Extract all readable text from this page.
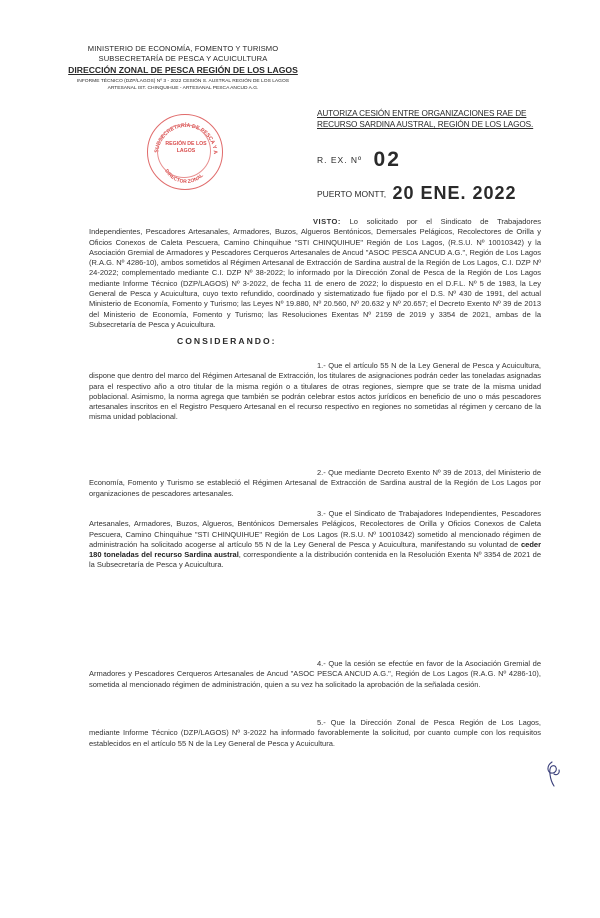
MINISTERIO DE ECONOMÍA, FOMENTO Y TURISMO
SUBSECRETARÍA DE PESCA Y ACUICULTURA
DIRECCIÓN ZONAL DE PESCA REGIÓN DE LOS LAGOS
INFORME TÉCNICO (DZP/LAGOS) Nº 3 - 2022 CESIÓN S. AUSTRAL REGIÓN DE LOS LAGOS
ARTESANAL IST. CHINQUIHUE - ARTESANAL PESCA ANCUD A.G.
SUBSECRETARÍA DE PESCA Y A
DIRECTOR ZONAL
REGIÓN DE LOS LAGOS
AUTORIZA CESIÓN ENTRE ORGANIZACIONES RAE DE RECURSO SARDINA AUSTRAL, REGIÓN DE LOS LAGOS.
R. EX. Nº 02
PUERTO MONTT, 20 ENE. 2022
VISTO: Lo solicitado por el Sindicato de Trabajadores Independientes, Pescadores Artesanales, Armadores, Buzos, Algueros Bentónicos, Demersales Pelágicos, Recolectores de Orilla y Oficios Conexos de Caleta Pescuera, Camino Chinquihue "STI CHINQUIHUE" Región de Los Lagos, (R.S.U. Nº 10010342) y la Asociación Gremial de Armadores y Pescadores Cerqueros Artesanales de Ancud "ASOC PESCA ANCUD A.G.", Región de Los Lagos (R.A.G. Nº 4286-10), ambos sometidos al Régimen Artesanal de Extracción de Sardina austral de la Región de Los Lagos, C.I. DZP Nº 24-2022; complementado mediante C.I. DZP Nº 38-2022; lo informado por la Dirección Zonal de Pesca de la Región de Los Lagos mediante Informe Técnico (DZP/LAGOS) Nº 3-2022, de fecha 11 de enero de 2022; lo dispuesto en el D.F.L. Nº 5 de 1983, la Ley General de Pesca y Acuicultura, cuyo texto refundido, coordinado y sistematizado fue fijado por el D.S. Nº 430 de 1991, del actual Ministerio de Economía, Fomento y Turismo; las Leyes Nº 19.880, Nº 20.560, Nº 20.632 y Nº 20.657; el Decreto Exento Nº 39 de 2013 del Ministerio de Economía, Fomento y Turismo; las Resoluciones Exentas Nº 2159 de 2019 y 3354 de 2021, ambas de la Subsecretaría de Pesca y Acuicultura.
CONSIDERANDO:
1.- Que el artículo 55 N de la Ley General de Pesca y Acuicultura, dispone que dentro del marco del Régimen Artesanal de Extracción, los titulares de asignaciones podrán ceder las toneladas asignadas para el respectivo año a otro titular de la misma región o a titulares de otras regiones, siempre que se trate de la misma unidad poblacional. Asimismo, la norma agrega que también se podrán celebrar estos actos jurídicos en beneficio de uno o más pescadores artesanales inscritos en el Registro Pesquero Artesanal en el recurso respectivo en regiones no sometidas al régimen y cercano de la misma unidad poblacional.
2.- Que mediante Decreto Exento Nº 39 de 2013, del Ministerio de Economía, Fomento y Turismo se estableció el Régimen Artesanal de Extracción de Sardina austral de la Región de Los Lagos por organizaciones de pescadores artesanales.
3.- Que el Sindicato de Trabajadores Independientes, Pescadores Artesanales, Armadores, Buzos, Algueros, Bentónicos Demersales Pelágicos, Recolectores de Orilla y Oficios Conexos de Caleta Pescuera, Camino Chinquihue "STI CHINQUIHUE" Región de Los Lagos (R.S.U. Nº 10010342) sometido al mencionado régimen de administración ha solicitado acogerse al artículo 55 N de la Ley General de Pesca y Acuicultura, manifestando su voluntad de ceder 180 toneladas del recurso Sardina austral, correspondiente a la distribución contenida en la Resolución Exenta Nº 3354 de 2021 de la Subsecretaría de Pesca y Acuicultura.
4.- Que la cesión se efectúe en favor de la Asociación Gremial de Armadores y Pescadores Cerqueros Artesanales de Ancud "ASOC PESCA ANCUD A.G.", Región de Los Lagos (R.A.G. Nº 4286-10), sometida al mencionado régimen de administración, quien a su vez ha solicitado la aprobación de la señalada cesión.
5.- Que la Dirección Zonal de Pesca Región de Los Lagos, mediante Informe Técnico (DZP/LAGOS) Nº 3-2022 ha informado favorablemente la solicitud, por cuanto cumple con los requisitos establecidos en el artículo 55 N de la Ley General de Pesca y Acuicultura.
